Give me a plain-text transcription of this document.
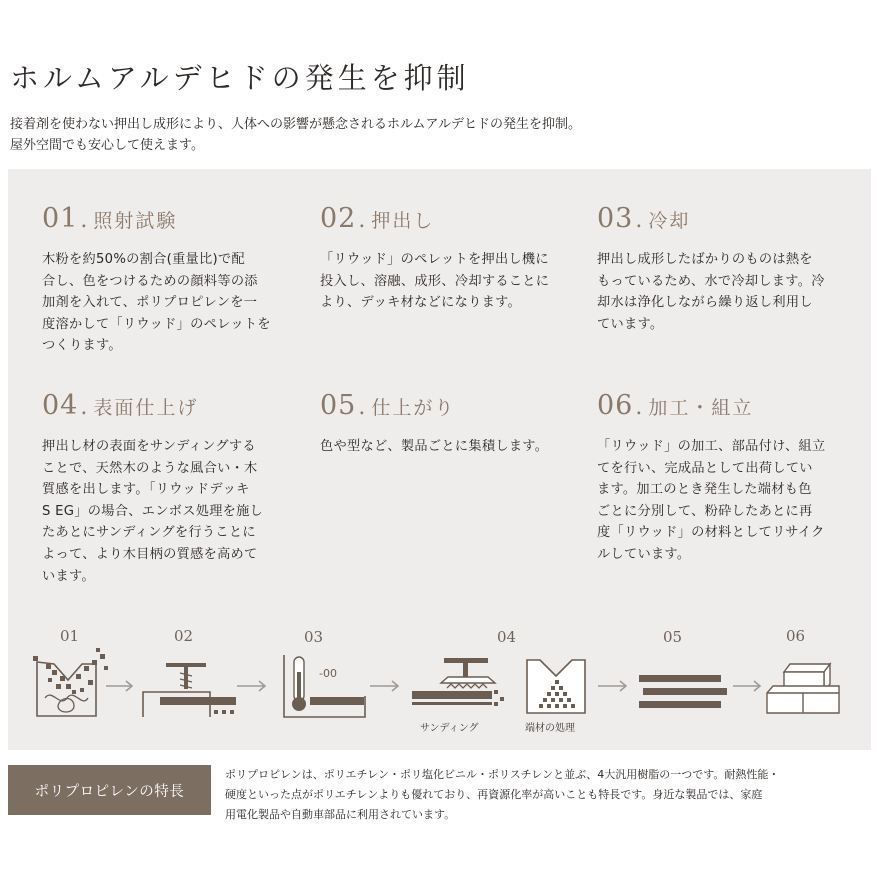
ホルムアルデヒドの発生を抑制
接着剤を使わない押出し成形により、人体への影響が懸念されるホルムアルデヒドの発生を抑制。
屋外空間でも安心して使えます。
01 . 照射試験
木粉を約50%の割合(重量比)で配
合し、色をつけるための顔料等の添
加剤を入れて、ポリプロピレンを一
度溶かして「リウッド」のペレットを
つくります。
02 . 押出し
「リウッド」のペレットを押出し機に
投入し、溶融、成形、冷却することに
より、デッキ材などになります。
03 . 冷却
押出し成形したばかりのものは熱を
もっているため、水で冷却します。冷
却水は浄化しながら繰り返し利用し
ています。
04 . 表面仕上げ
押出し材の表面をサンディングする
ことで、天然木のような風合い・木
質感を出します。「リウッドデッキ
S EG」の場合、エンボス処理を施し
たあとにサンディングを行うことに
よって、より木目柄の質感を高めて
います。
05 . 仕上がり
色や型など、製品ごとに集積します。
06 . 加工・組立
「リウッド」の加工、部品付け、組立
てを行い、完成品として出荷してい
ます。加工のとき発生した端材も色
ごとに分別して、粉砕したあとに再
度「リウッド」の材料としてリサイク
ルしています。
01	02	03	04	05	06
サンディング	端材の処理
-00
ポリプロピレンの特長
ポリプロピレンは、ポリエチレン・ポリ塩化ビニル・ポリスチレンと並ぶ、4大汎用樹脂の一つです。耐熱性能・
硬度といった点がポリエチレンよりも優れており、再資源化率が高いことも特長です。身近な製品では、家庭
用電化製品や自動車部品に利用されています。
